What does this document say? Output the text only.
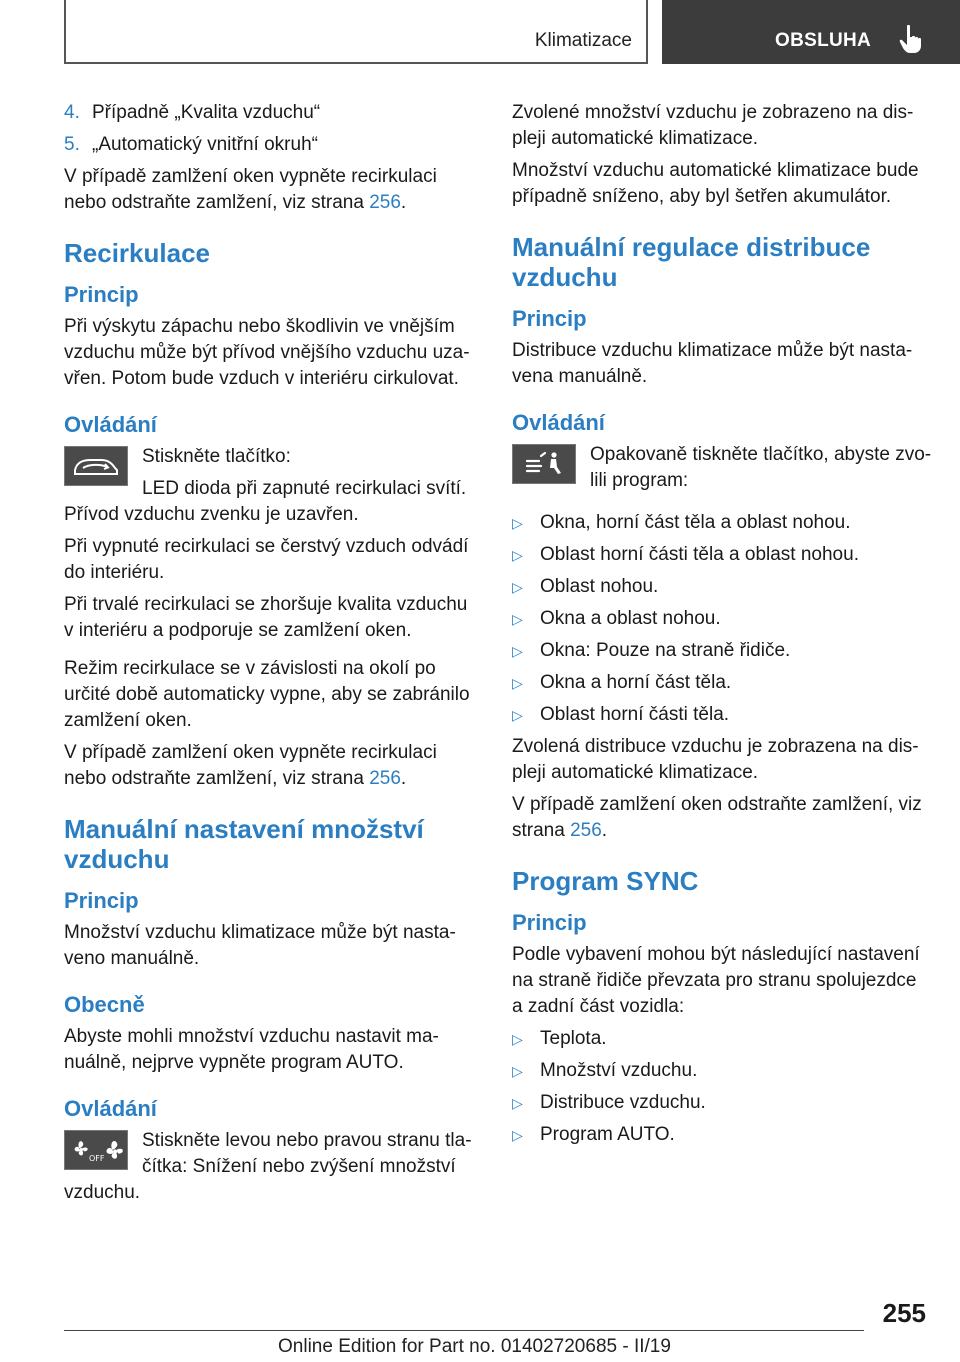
Klimatizace	OBSLUHA
4. Případně „Kvalita vzduchu“
5. „Automatický vnitřní okruh“

V případě zamlžení oken vypněte recirkulaci nebo odstraňte zamlžení, viz strana 256.

Recirkulace
Princip

Při výskytu zápachu nebo škodlivin ve vnějším vzduchu může být přívod vnějšího vzduchu uzavřen. Potom bude vzduch v interiéru cirkulovat.

Ovládání

Stiskněte tlačítko:

LED dioda při zapnuté recirkulaci svítí. Přívod vzduchu zvenku je uzavřen.

Při vypnuté recirkulaci se čerstvý vzduch odvádí do interiéru.

Při trvalé recirkulaci se zhoršuje kvalita vzduchu v interiéru a podporuje se zamlžení oken.

Režim recirkulace se v závislosti na okolí po určité době automaticky vypne, aby se zabránilo zamlžení oken.

V případě zamlžení oken vypněte recirkulaci nebo odstraňte zamlžení, viz strana 256.

Manuální nastavení množství vzduchu
Princip

Množství vzduchu klimatizace může být nastaveno manuálně.

Obecně

Abyste mohli množství vzduchu nastavit manuálně, nejprve vypněte program AUTO.

Ovládání
OFF

Stiskněte levou nebo pravou stranu tlačítka: Snížení nebo zvýšení množství vzduchu.

Zvolené množství vzduchu je zobrazeno na displeji automatické klimatizace.

Množství vzduchu automatické klimatizace bude případně sníženo, aby byl šetřen akumulátor.

Manuální regulace distribuce vzduchu
Princip

Distribuce vzduchu klimatizace může být nastavena manuálně.

Ovládání

Opakovaně tiskněte tlačítko, abyste zvolili program:

▷ Okna, horní část těla a oblast nohou.
▷ Oblast horní části těla a oblast nohou.
▷ Oblast nohou.
▷ Okna a oblast nohou.
▷ Okna: Pouze na straně řidiče.
▷ Okna a horní část těla.
▷ Oblast horní části těla.

Zvolená distribuce vzduchu je zobrazena na displeji automatické klimatizace.

V případě zamlžení oken odstraňte zamlžení, viz strana 256.

Program SYNC
Princip

Podle vybavení mohou být následující nastavení na straně řidiče převzata pro stranu spolujezdce a zadní část vozidla:

▷ Teplota.
▷ Množství vzduchu.
▷ Distribuce vzduchu.
▷ Program AUTO.
255
Online Edition for Part no. 01402720685 - II/19
